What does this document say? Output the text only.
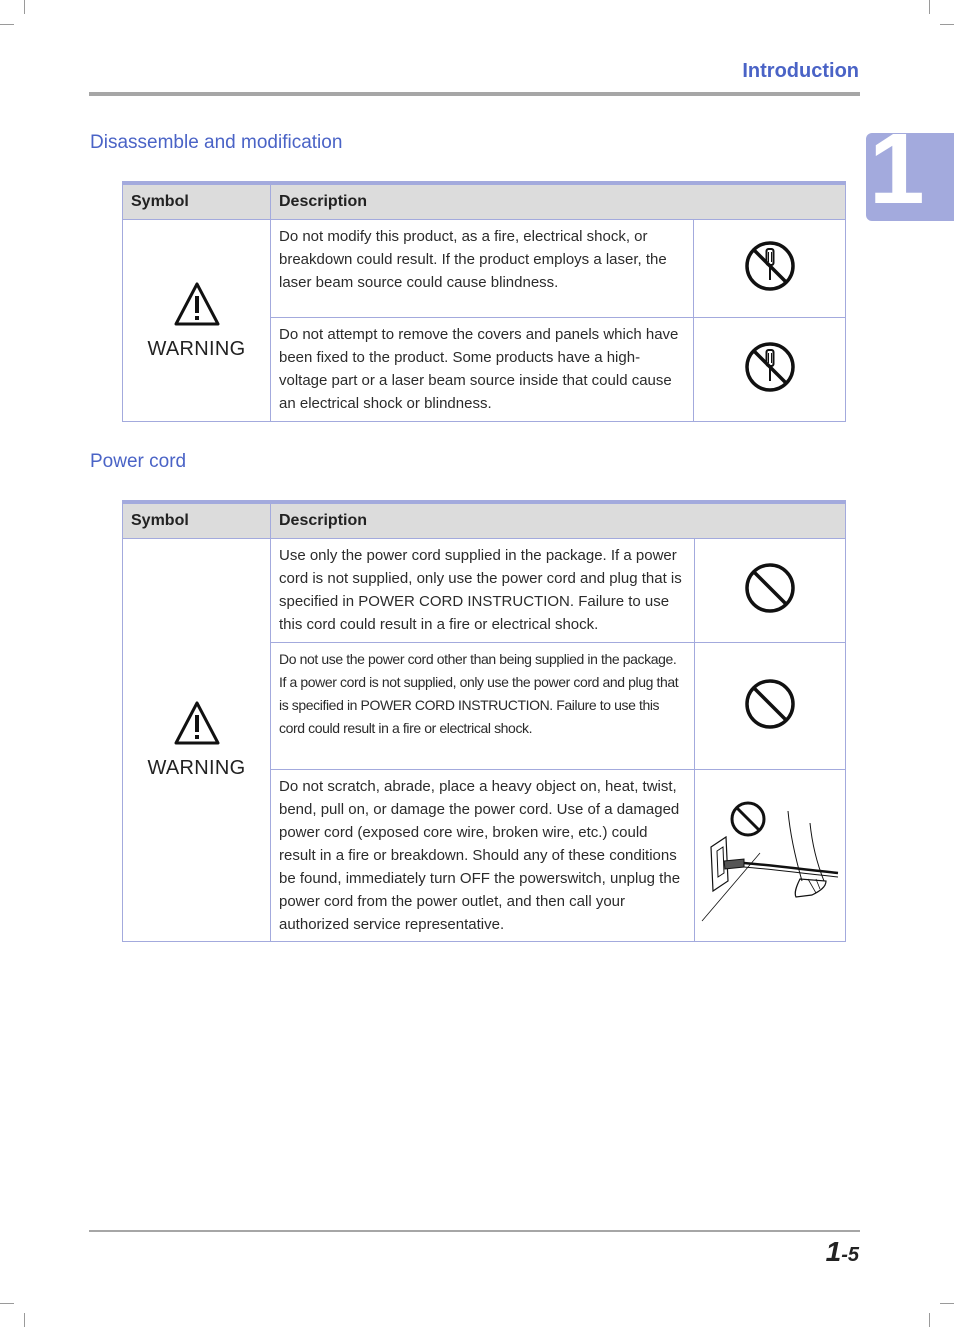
Introduction
1
Disassemble and modification
Symbol	Description	

WARNING	Do not modify this product, as a fire, electrical shock, or breakdown could result. If the product employs a laser, the laser beam source could cause blindness.	
	Do not attempt to remove the covers and panels which have been fixed to the product. Some products have a high-voltage part or a laser beam source inside that could cause an electrical shock or blindness.	
Power cord
Symbol	Description	

WARNING	Use only the power cord supplied in the package. If a power cord is not supplied, only use the power cord and plug that is specified in POWER CORD INSTRUCTION. Failure to use this cord could result in a fire or electrical shock.	
	Do not use the power cord other than being supplied in the package. If a power cord is not supplied, only use the power cord and plug that is specified in POWER CORD INSTRUCTION. Failure to use this cord could result in a fire or electrical shock.	
	Do not scratch, abrade, place a heavy object on, heat, twist, bend, pull on, or damage the power cord. Use of a damaged power cord (exposed core wire, broken wire, etc.) could result in a fire or breakdown. Should any of these conditions be found, immediately turn OFF the powerswitch, unplug the power cord from the power outlet, and then call your authorized service representative.	
1-5
